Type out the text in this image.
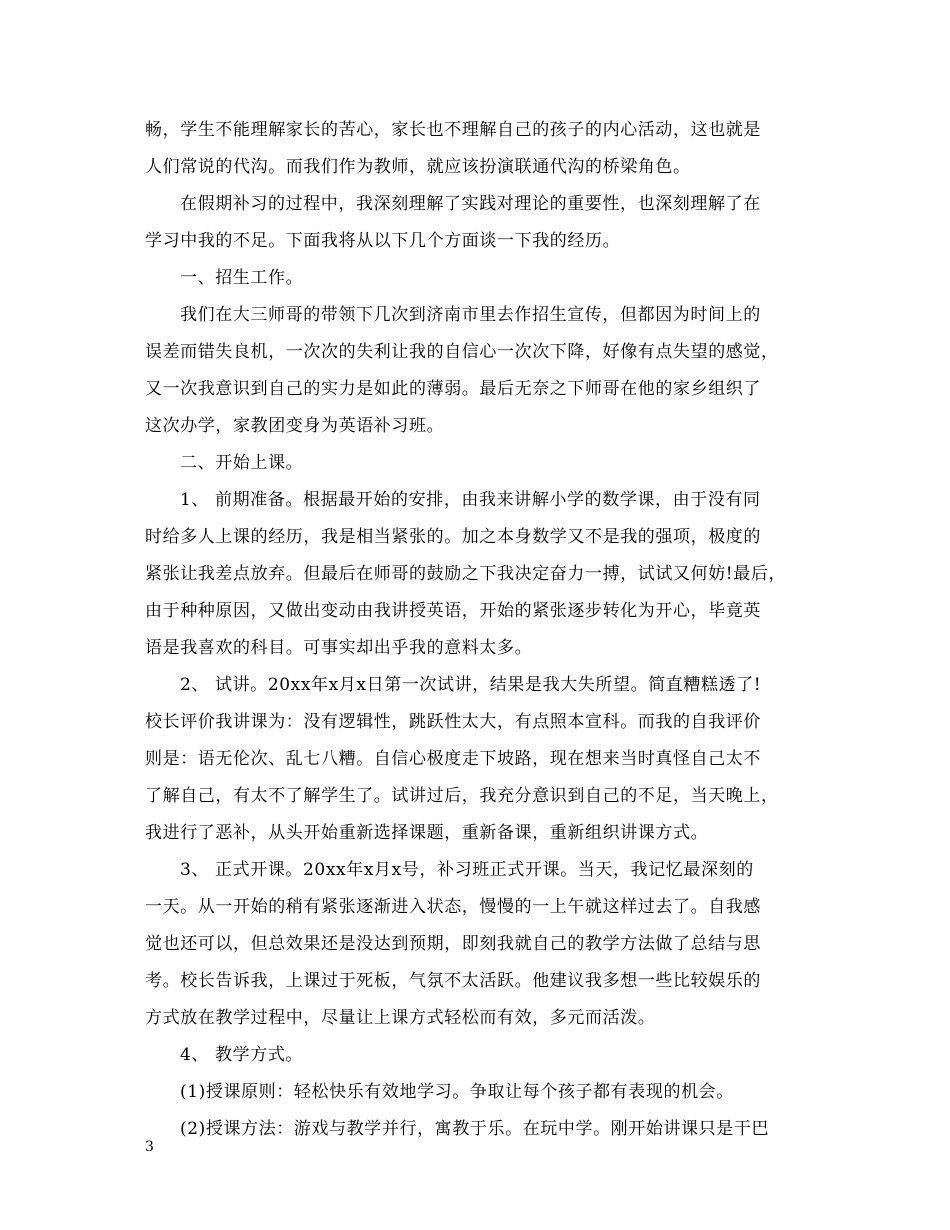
畅，学生不能理解家长的苦心，家长也不理解自己的孩子的内心活动，这也就是
人们常说的代沟。而我们作为教师，就应该扮演联通代沟的桥梁角色。
在假期补习的过程中，我深刻理解了实践对理论的重要性，也深刻理解了在
学习中我的不足。下面我将从以下几个方面谈一下我的经历。
一、招生工作。
我们在大三师哥的带领下几次到济南市里去作招生宣传，但都因为时间上的
误差而错失良机，一次次的失利让我的自信心一次次下降，好像有点失望的感觉，
又一次我意识到自己的实力是如此的薄弱。最后无奈之下师哥在他的家乡组织了
这次办学，家教团变身为英语补习班。
二、开始上课。
1、 前期准备。根据最开始的安排，由我来讲解小学的数学课，由于没有同
时给多人上课的经历，我是相当紧张的。加之本身数学又不是我的强项，极度的
紧张让我差点放弃。但最后在师哥的鼓励之下我决定奋力一搏，试试又何妨!最后，
由于种种原因，又做出变动由我讲授英语，开始的紧张逐步转化为开心，毕竟英
语是我喜欢的科目。可事实却出乎我的意料太多。
2、 试讲。20xx年x月x日第一次试讲，结果是我大失所望。简直糟糕透了!
校长评价我讲课为：没有逻辑性，跳跃性太大，有点照本宣科。而我的自我评价
则是：语无伦次、乱七八糟。自信心极度走下坡路，现在想来当时真怪自己太不
了解自己，有太不了解学生了。试讲过后，我充分意识到自己的不足，当天晚上，
我进行了恶补，从头开始重新选择课题，重新备课，重新组织讲课方式。
3、 正式开课。20xx年x月x号，补习班正式开课。当天，我记忆最深刻的
一天。从一开始的稍有紧张逐渐进入状态，慢慢的一上午就这样过去了。自我感
觉也还可以，但总效果还是没达到预期，即刻我就自己的教学方法做了总结与思
考。校长告诉我，上课过于死板，气氛不太活跃。他建议我多想一些比较娱乐的
方式放在教学过程中，尽量让上课方式轻松而有效，多元而活泼。
4、 教学方式。
(1)授课原则：轻松快乐有效地学习。争取让每个孩子都有表现的机会。
(2)授课方法：游戏与教学并行，寓教于乐。在玩中学。刚开始讲课只是干巴
3
